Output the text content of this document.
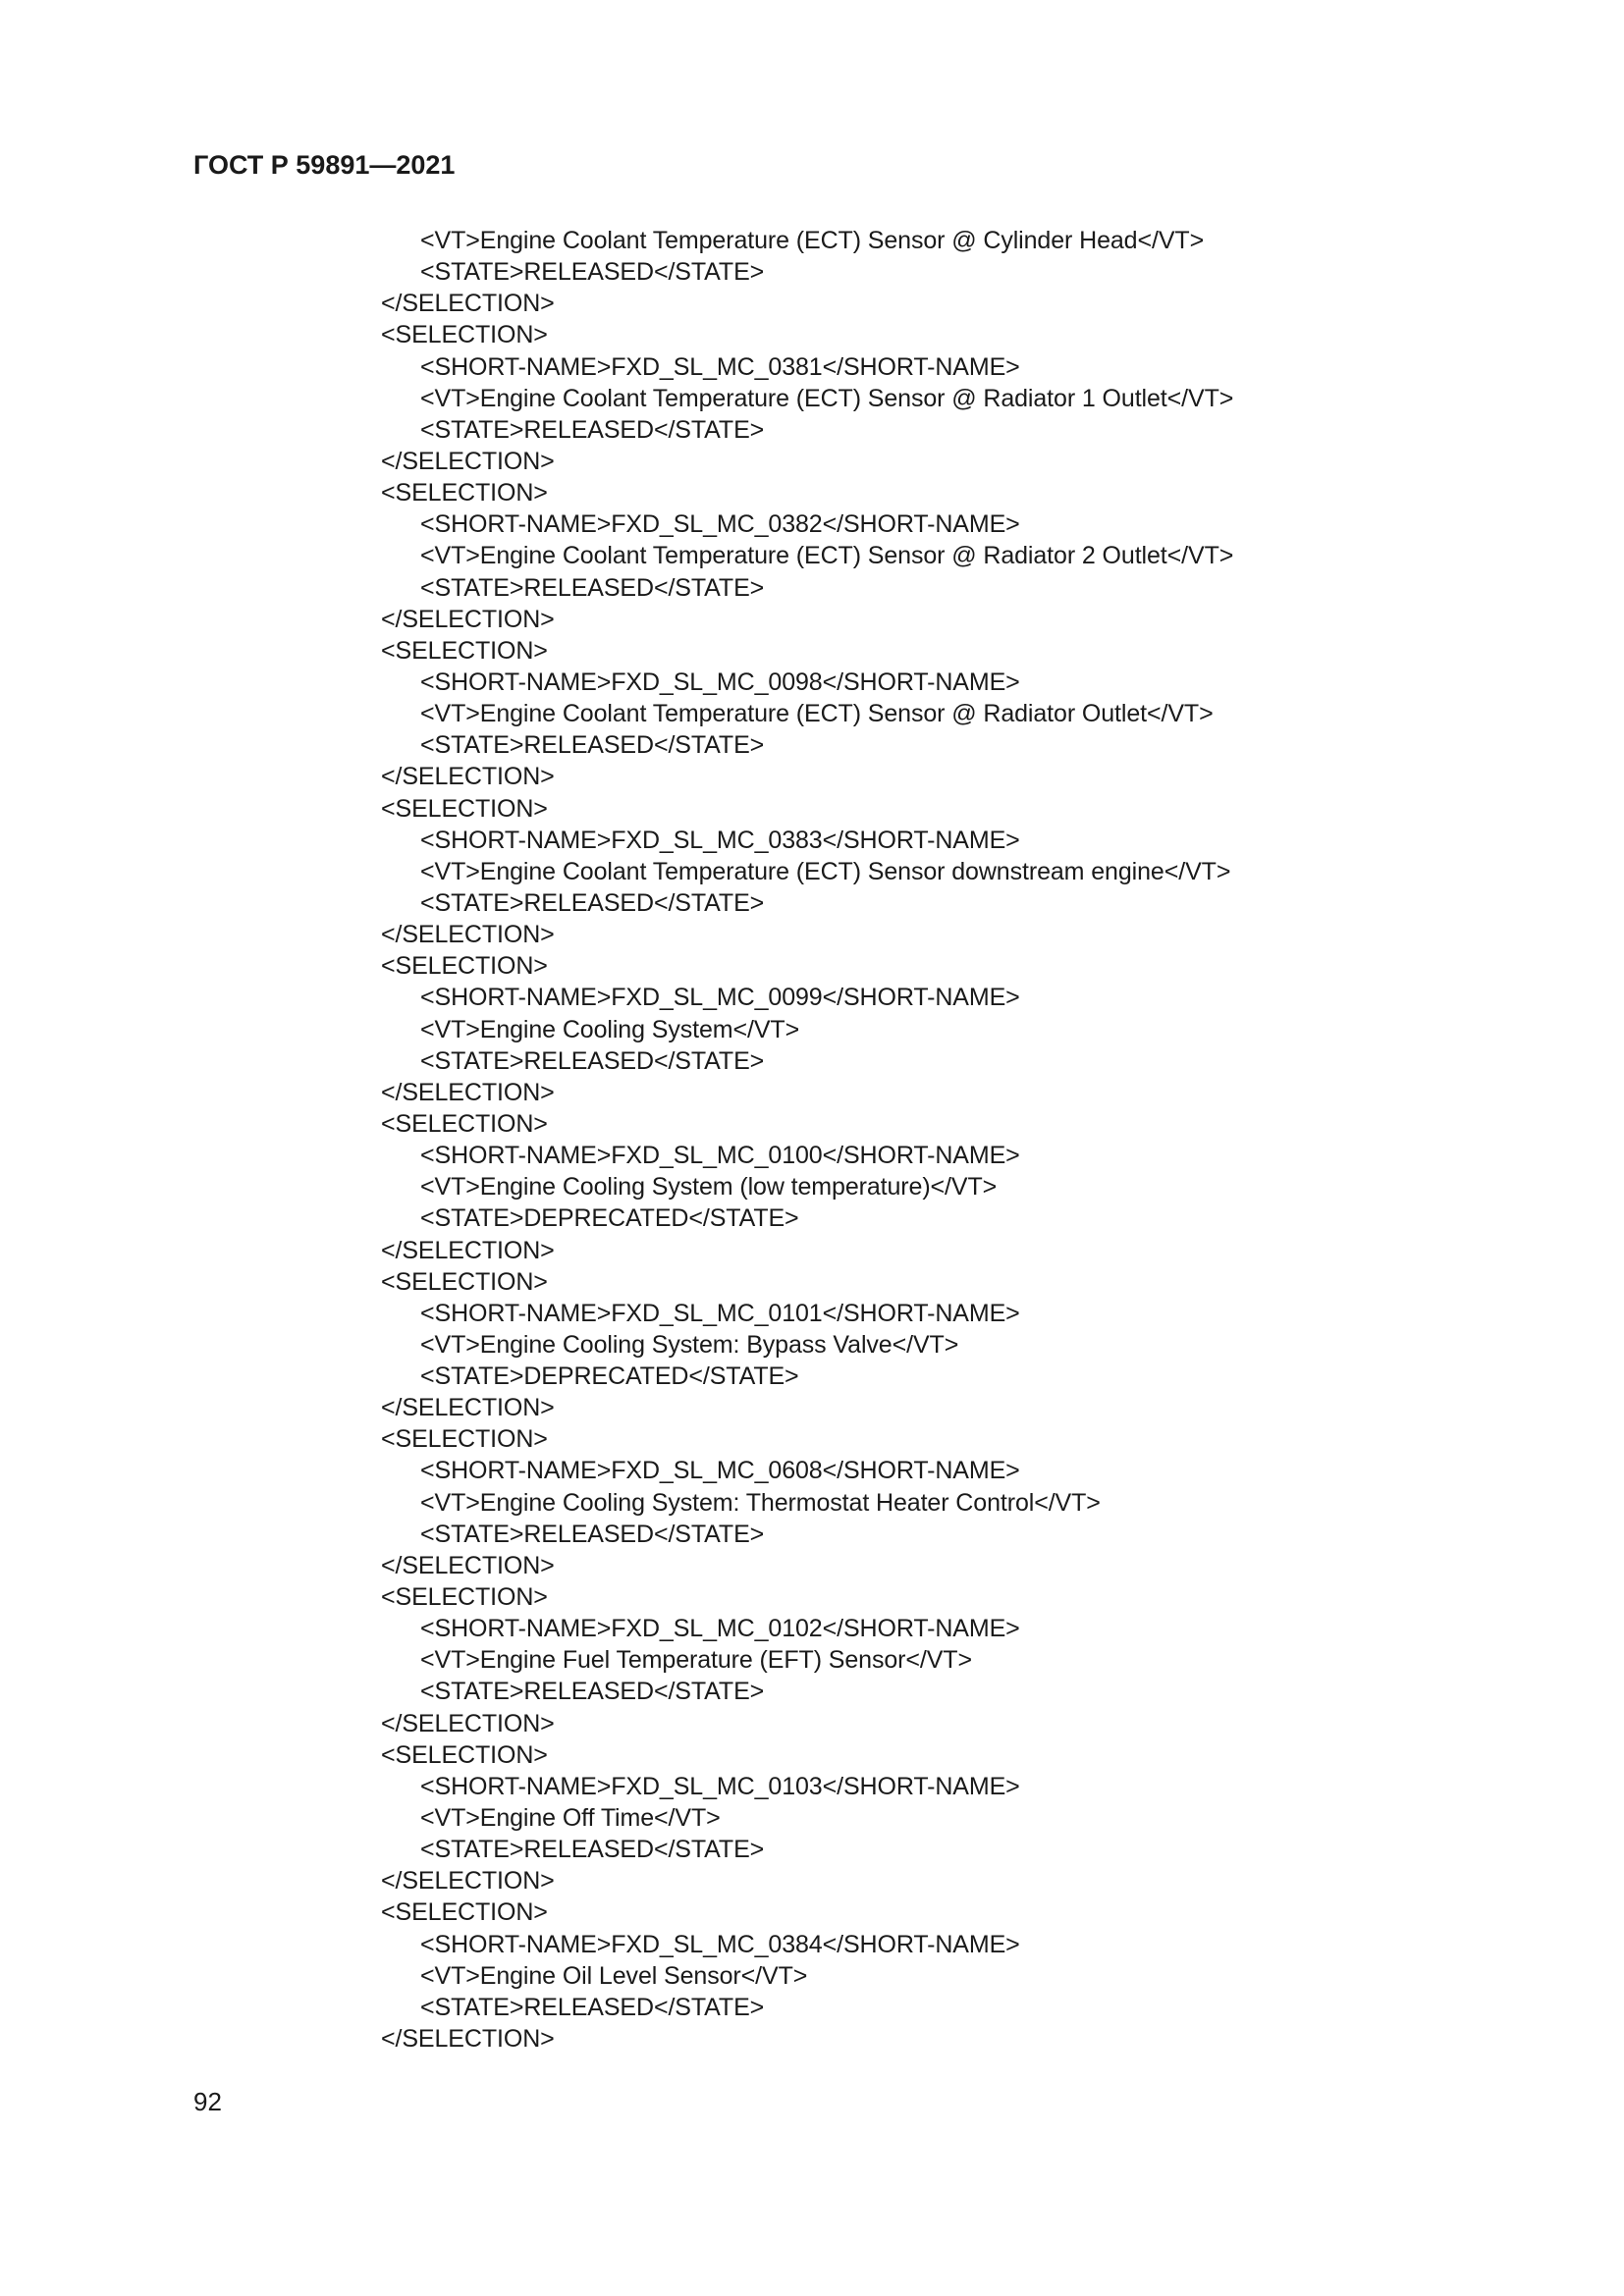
ГОСТ Р 59891—2021
<VT>Engine Coolant Temperature (ECT) Sensor @ Cylinder Head</VT>
<STATE>RELEASED</STATE>
</SELECTION>
<SELECTION>
<SHORT-NAME>FXD_SL_MC_0381</SHORT-NAME>
<VT>Engine Coolant Temperature (ECT) Sensor @ Radiator 1 Outlet</VT>
<STATE>RELEASED</STATE>
</SELECTION>
<SELECTION>
<SHORT-NAME>FXD_SL_MC_0382</SHORT-NAME>
<VT>Engine Coolant Temperature (ECT) Sensor @ Radiator 2 Outlet</VT>
<STATE>RELEASED</STATE>
</SELECTION>
<SELECTION>
<SHORT-NAME>FXD_SL_MC_0098</SHORT-NAME>
<VT>Engine Coolant Temperature (ECT) Sensor @ Radiator Outlet</VT>
<STATE>RELEASED</STATE>
</SELECTION>
<SELECTION>
<SHORT-NAME>FXD_SL_MC_0383</SHORT-NAME>
<VT>Engine Coolant Temperature (ECT) Sensor downstream engine</VT>
<STATE>RELEASED</STATE>
</SELECTION>
<SELECTION>
<SHORT-NAME>FXD_SL_MC_0099</SHORT-NAME>
<VT>Engine Cooling System</VT>
<STATE>RELEASED</STATE>
</SELECTION>
<SELECTION>
<SHORT-NAME>FXD_SL_MC_0100</SHORT-NAME>
<VT>Engine Cooling System (low temperature)</VT>
<STATE>DEPRECATED</STATE>
</SELECTION>
<SELECTION>
<SHORT-NAME>FXD_SL_MC_0101</SHORT-NAME>
<VT>Engine Cooling System: Bypass Valve</VT>
<STATE>DEPRECATED</STATE>
</SELECTION>
<SELECTION>
<SHORT-NAME>FXD_SL_MC_0608</SHORT-NAME>
<VT>Engine Cooling System: Thermostat Heater Control</VT>
<STATE>RELEASED</STATE>
</SELECTION>
<SELECTION>
<SHORT-NAME>FXD_SL_MC_0102</SHORT-NAME>
<VT>Engine Fuel Temperature (EFT) Sensor</VT>
<STATE>RELEASED</STATE>
</SELECTION>
<SELECTION>
<SHORT-NAME>FXD_SL_MC_0103</SHORT-NAME>
<VT>Engine Off Time</VT>
<STATE>RELEASED</STATE>
</SELECTION>
<SELECTION>
<SHORT-NAME>FXD_SL_MC_0384</SHORT-NAME>
<VT>Engine Oil Level Sensor</VT>
<STATE>RELEASED</STATE>
</SELECTION>
92
